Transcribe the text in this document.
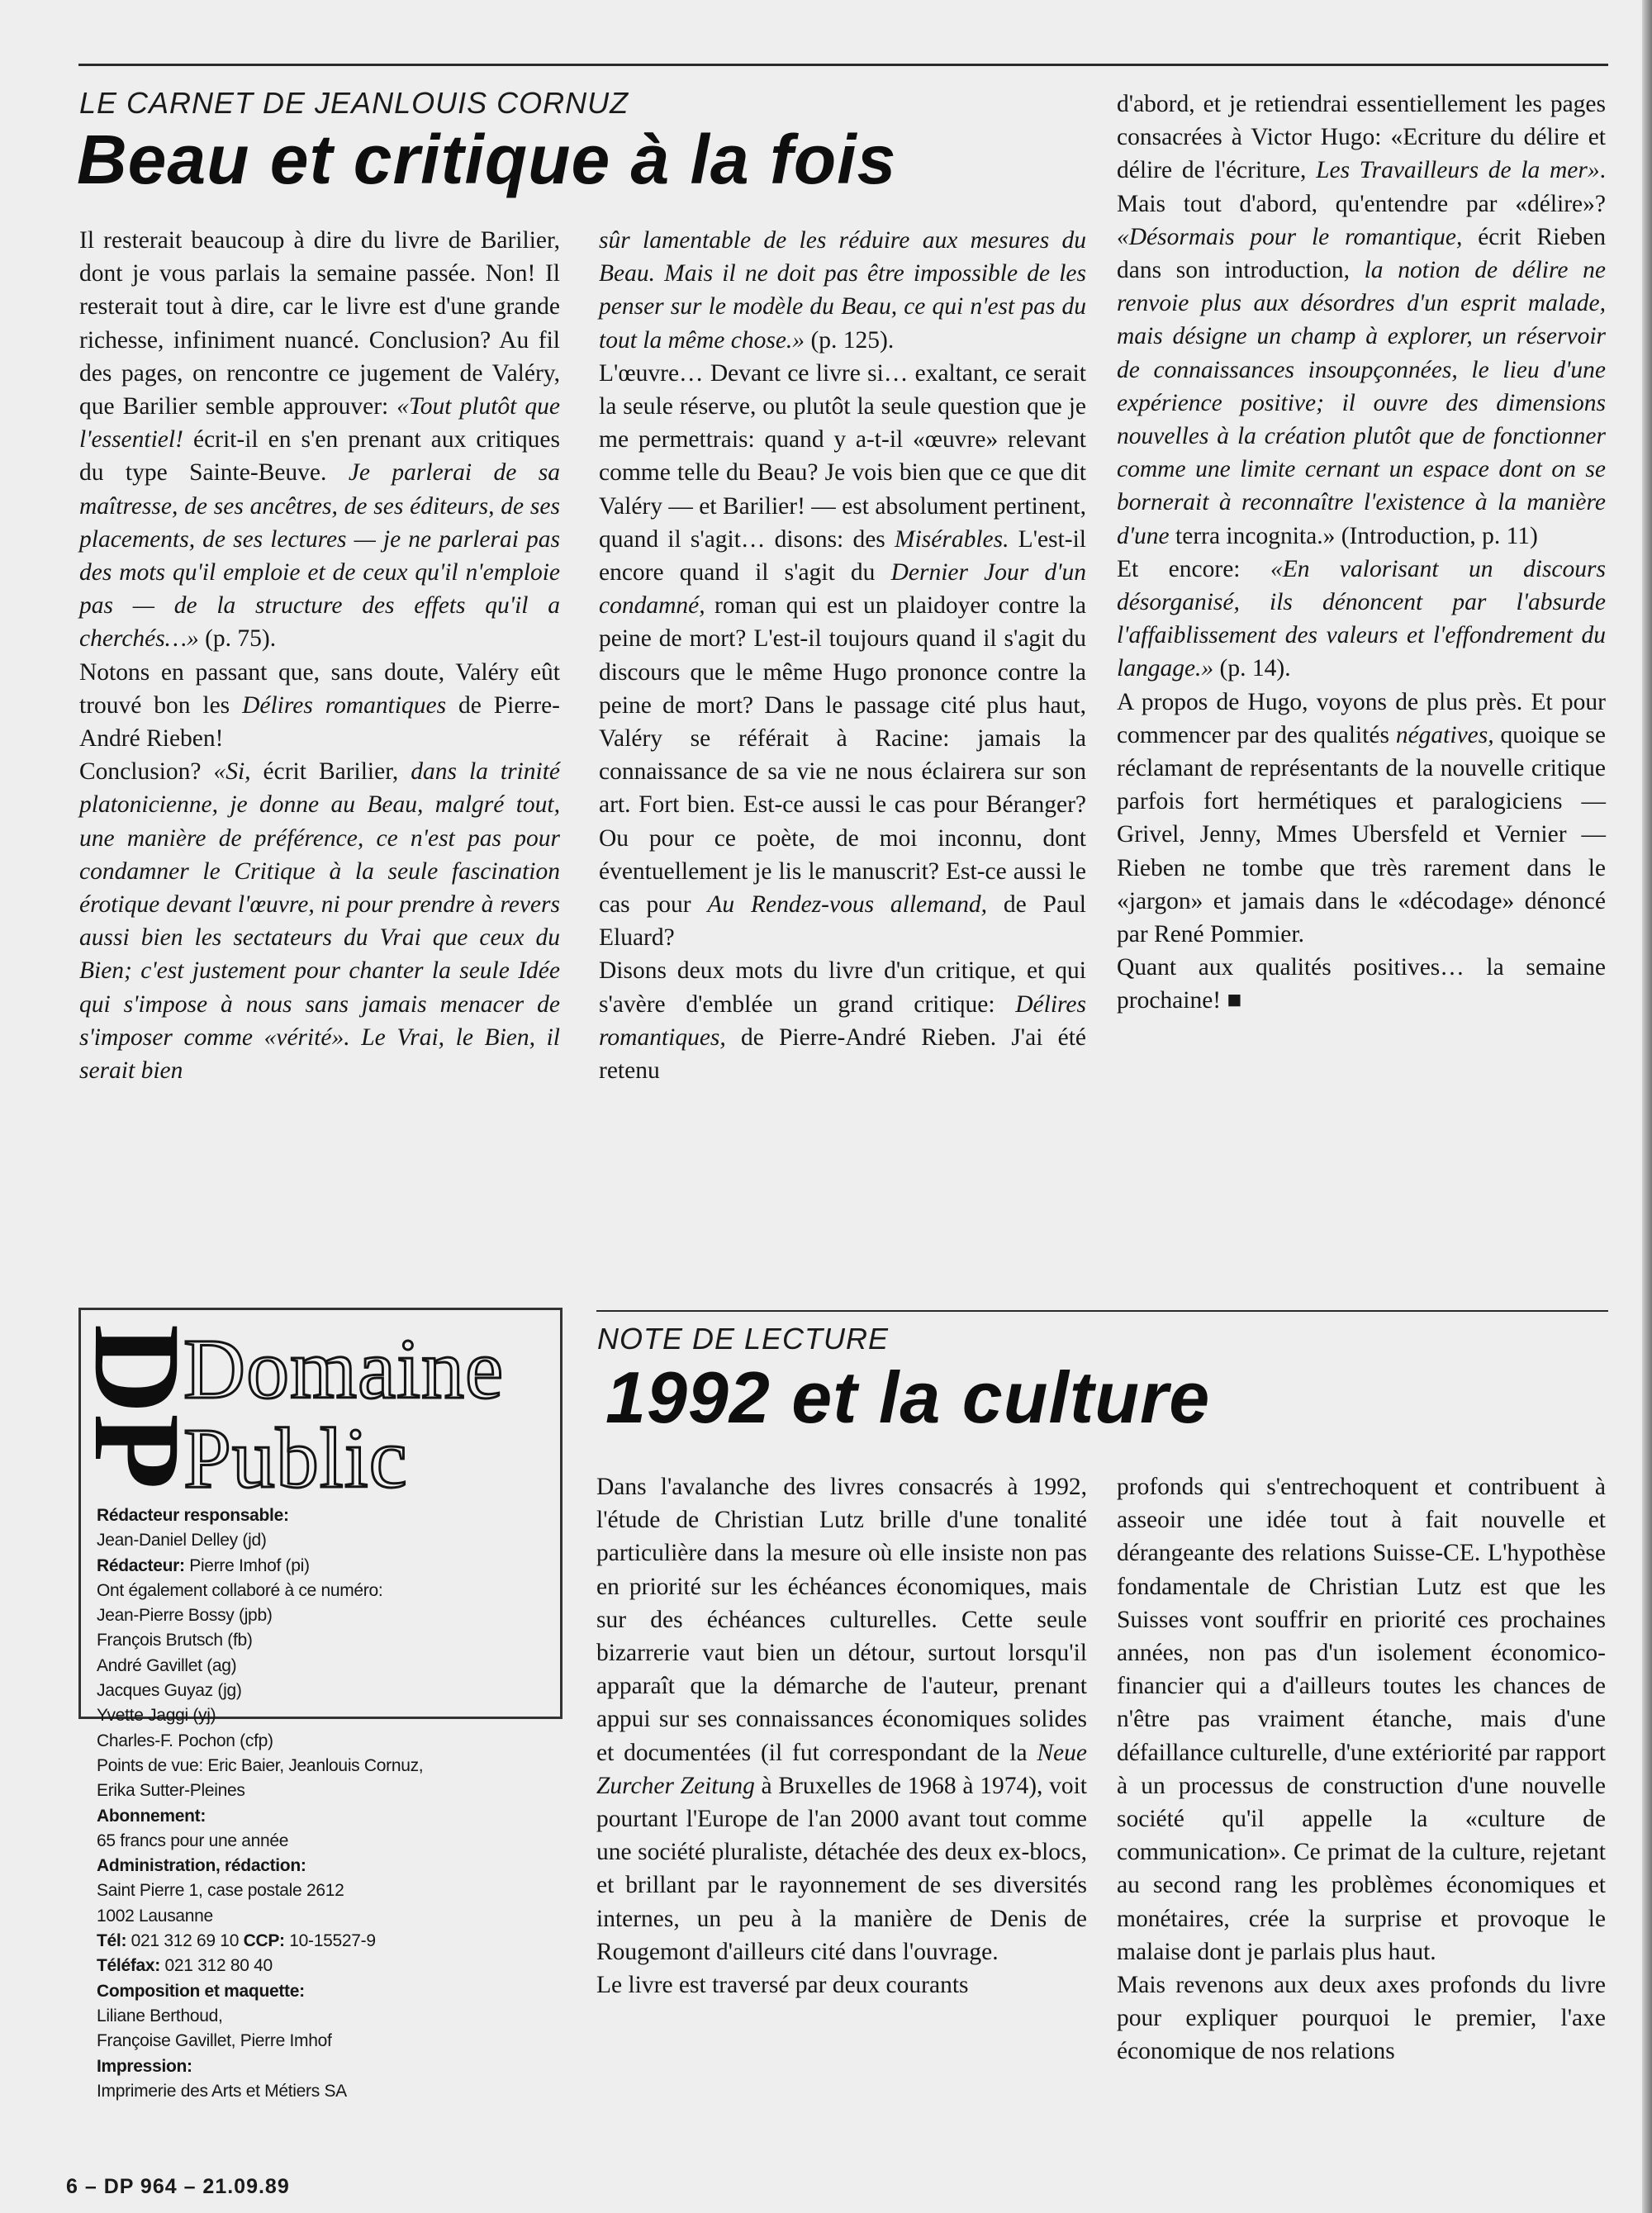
LE CARNET DE JEANLOUIS CORNUZ
Beau et critique à la fois

Il resterait beaucoup à dire du livre de Barilier, dont je vous parlais la semaine passée. Non! Il resterait tout à dire, car le livre est d'une grande richesse, infiniment nuancé. Conclusion? Au fil des pages, on rencontre ce jugement de Valéry, que Barilier semble approuver: «Tout plutôt que l'essentiel! écrit-il en s'en prenant aux critiques du type Sainte-Beuve. Je parlerai de sa maîtresse, de ses ancêtres, de ses éditeurs, de ses placements, de ses lectures — je ne parlerai pas des mots qu'il emploie et de ceux qu'il n'emploie pas — de la structure des effets qu'il a cherchés…» (p. 75).

Notons en passant que, sans doute, Valéry eût trouvé bon les Délires romantiques de Pierre-André Rieben!

Conclusion? «Si, écrit Barilier, dans la trinité platonicienne, je donne au Beau, malgré tout, une manière de préférence, ce n'est pas pour condamner le Critique à la seule fascination érotique devant l'œuvre, ni pour prendre à revers aussi bien les sectateurs du Vrai que ceux du Bien; c'est justement pour chanter la seule Idée qui s'impose à nous sans jamais menacer de s'imposer comme «vérité». Le Vrai, le Bien, il serait bien

sûr lamentable de les réduire aux mesures du Beau. Mais il ne doit pas être impossible de les penser sur le modèle du Beau, ce qui n'est pas du tout la même chose.» (p. 125).

L'œuvre… Devant ce livre si… exaltant, ce serait la seule réserve, ou plutôt la seule question que je me permettrais: quand y a-t-il «œuvre» relevant comme telle du Beau? Je vois bien que ce que dit Valéry — et Barilier! — est absolument pertinent, quand il s'agit… disons: des Misérables. L'est-il encore quand il s'agit du Dernier Jour d'un condamné, roman qui est un plaidoyer contre la peine de mort? L'est-il toujours quand il s'agit du discours que le même Hugo prononce contre la peine de mort? Dans le passage cité plus haut, Valéry se référait à Racine: jamais la connaissance de sa vie ne nous éclairera sur son art. Fort bien. Est-ce aussi le cas pour Béranger? Ou pour ce poète, de moi inconnu, dont éventuellement je lis le manuscrit? Est-ce aussi le cas pour Au Rendez-vous allemand, de Paul Eluard?

Disons deux mots du livre d'un critique, et qui s'avère d'emblée un grand critique: Délires romantiques, de Pierre-André Rieben. J'ai été retenu

d'abord, et je retiendrai essentiellement les pages consacrées à Victor Hugo: «Ecriture du délire et délire de l'écriture, Les Travailleurs de la mer». Mais tout d'abord, qu'entendre par «délire»? «Désormais pour le romantique, écrit Rieben dans son introduction, la notion de délire ne renvoie plus aux désordres d'un esprit malade, mais désigne un champ à explorer, un réservoir de connaissances insoupçonnées, le lieu d'une expérience positive; il ouvre des dimensions nouvelles à la création plutôt que de fonctionner comme une limite cernant un espace dont on se bornerait à reconnaître l'existence à la manière d'une terra incognita.» (Introduction, p. 11)

Et encore: «En valorisant un discours désorganisé, ils dénoncent par l'absurde l'affaiblissement des valeurs et l'effondrement du langage.» (p. 14).

A propos de Hugo, voyons de plus près. Et pour commencer par des qualités négatives, quoique se réclamant de représentants de la nouvelle critique parfois fort hermétiques et paralogiciens — Grivel, Jenny, Mmes Ubersfeld et Vernier — Rieben ne tombe que très rarement dans le «jargon» et jamais dans le «décodage» dénoncé par René Pommier.

Quant aux qualités positives… la semaine prochaine! ■

DP
Domaine
Public
Rédacteur responsable:
Jean-Daniel Delley (jd)
Rédacteur: Pierre Imhof (pi)
Ont également collaboré à ce numéro:
Jean-Pierre Bossy (jpb)
François Brutsch (fb)
André Gavillet (ag)
Jacques Guyaz (jg)
Yvette Jaggi (yj)
Charles-F. Pochon (cfp)
Points de vue: Eric Baier, Jeanlouis Cornuz,
Erika Sutter-Pleines
Abonnement:
65 francs pour une année
Administration, rédaction:
Saint Pierre 1, case postale 2612
1002 Lausanne
Tél: 021 312 69 10 CCP: 10-15527-9
Téléfax: 021 312 80 40
Composition et maquette:
Liliane Berthoud,
Françoise Gavillet, Pierre Imhof
Impression:
Imprimerie des Arts et Métiers SA
NOTE DE LECTURE
1992 et la culture

Dans l'avalanche des livres consacrés à 1992, l'étude de Christian Lutz brille d'une tonalité particulière dans la mesure où elle insiste non pas en priorité sur les échéances économiques, mais sur des échéances culturelles. Cette seule bizarrerie vaut bien un détour, surtout lorsqu'il apparaît que la démarche de l'auteur, prenant appui sur ses connaissances économiques solides et documentées (il fut correspondant de la Neue Zurcher Zeitung à Bruxelles de 1968 à 1974), voit pourtant l'Europe de l'an 2000 avant tout comme une société pluraliste, détachée des deux ex-blocs, et brillant par le rayonnement de ses diversités internes, un peu à la manière de Denis de Rougemont d'ailleurs cité dans l'ouvrage.

Le livre est traversé par deux courants

profonds qui s'entrechoquent et contribuent à asseoir une idée tout à fait nouvelle et dérangeante des relations Suisse-CE. L'hypothèse fondamentale de Christian Lutz est que les Suisses vont souffrir en priorité ces prochaines années, non pas d'un isolement économico-financier qui a d'ailleurs toutes les chances de n'être pas vraiment étanche, mais d'une défaillance culturelle, d'une extériorité par rapport à un processus de construction d'une nouvelle société qu'il appelle la «culture de communication». Ce primat de la culture, rejetant au second rang les problèmes économiques et monétaires, crée la surprise et provoque le malaise dont je parlais plus haut.

Mais revenons aux deux axes profonds du livre pour expliquer pourquoi le premier, l'axe économique de nos relations

6 – DP 964 – 21.09.89
